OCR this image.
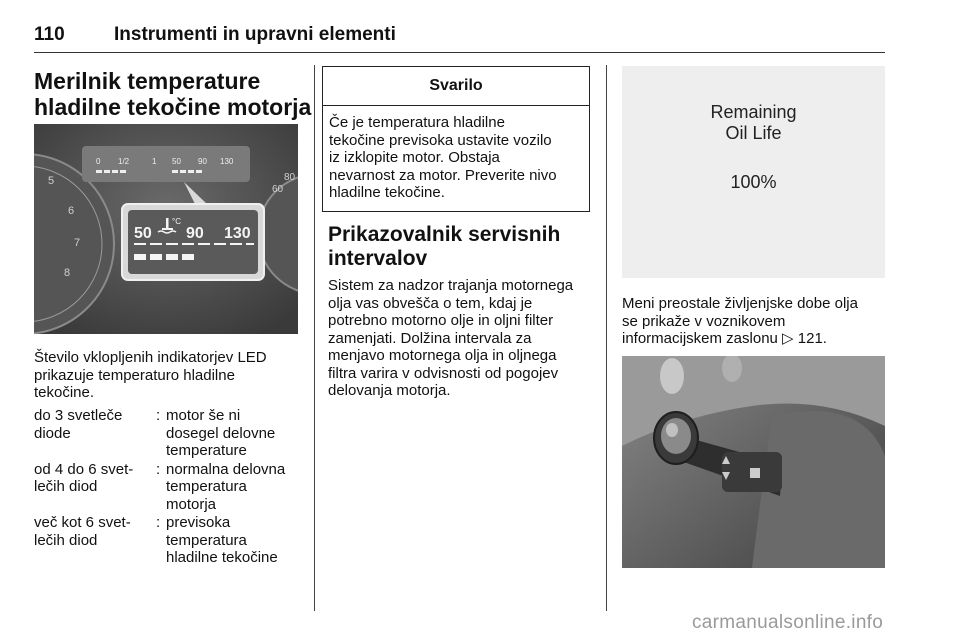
110	Instrumenti in upravni elementi
Merilnik temperature
hladilne tekočine motorja
5
6
7
8
60
80
0 1/2	1 50 90 130
50 90 130
°C
Število vklopljenih indikatorjev LED
prikazuje temperaturo hladilne
tekočine.
do 3 svetleče
diode
: motor še ni
dosegel delovne
temperature
od 4 do 6 svet-
lečih diod
: normalna delovna
temperatura
motorja
več kot 6 svet-
lečih diod
: previsoka
temperatura
hladilne tekočine
Svarilo
Če je temperatura hladilne
tekočine previsoka ustavite vozilo
iz izklopite motor. Obstaja
nevarnost za motor. Preverite nivo
hladilne tekočine.
Prikazovalnik servisnih
intervalov
Sistem za nadzor trajanja motornega
olja vas obvešča o tem, kdaj je
potrebno motorno olje in oljni filter
zamenjati. Dolžina intervala za
menjavo motornega olja in oljnega
filtra varira v odvisnosti od pogojev
delovanja motorja.
Remaining
Oil Life
100%
Meni preostale življenjske dobe olja
se prikaže v voznikovem
informacijskem zaslonu ▷ 121.
carmanualsonline.info
